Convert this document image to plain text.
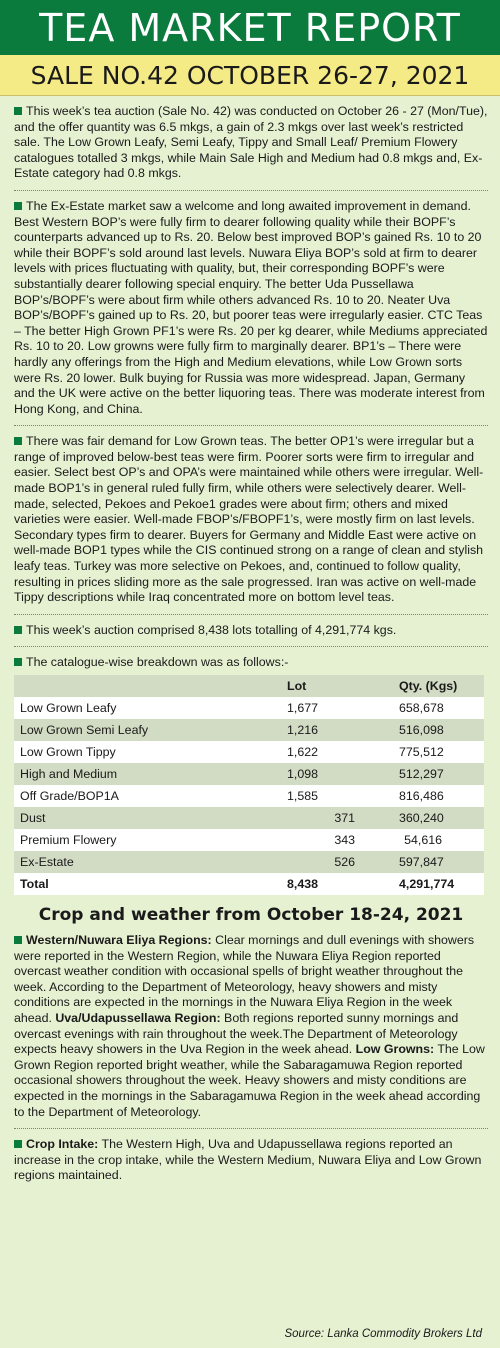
TEA MARKET REPORT
SALE NO.42 OCTOBER 26-27, 2021

This week’s tea auction (Sale No. 42) was conducted on October 26 - 27 (Mon/Tue), and the offer quantity was 6.5 mkgs, a gain of 2.3 mkgs over last week’s restricted sale. The Low Grown Leafy, Semi Leafy, Tippy and Small Leaf/ Premium Flowery catalogues totalled 3 mkgs, while Main Sale High and Medium had 0.8 mkgs and, Ex-Estate category had 0.8 mkgs.

The Ex-Estate market saw a welcome and long awaited improvement in demand. Best Western BOP’s were fully firm to dearer following quality while their BOPF’s counterparts advanced up to Rs. 20. Below best improved BOP’s gained Rs. 10 to 20 while their BOPF’s sold around last levels. Nuwara Eliya BOP’s sold at firm to dearer levels with prices fluctuating with quality, but, their corresponding BOPF’s were substantially dearer following special enquiry. The better Uda Pussellawa BOP’s/BOPF’s were about firm while others advanced Rs. 10 to 20. Neater Uva BOP’s/BOPF’s gained up to Rs. 20, but poorer teas were irregularly easier. CTC Teas – The better High Grown PF1’s were Rs. 20 per kg dearer, while Mediums appreciated Rs. 10 to 20. Low growns were fully firm to marginally dearer. BP1’s – There were hardly any offerings from the High and Medium elevations, while Low Grown sorts were Rs. 20 lower. Bulk buying for Russia was more widespread. Japan, Germany and the UK were active on the better liquoring teas. There was moderate interest from Hong Kong, and China.

There was fair demand for Low Grown teas. The better OP1’s were irregular but a range of improved below-best teas were firm. Poorer sorts were firm to irregular and easier. Select best OP’s and OPA’s were maintained while others were irregular. Well-made BOP1’s in general ruled fully firm, while others were selectively dearer. Well-made, selected, Pekoes and Pekoe1 grades were about firm; others and mixed varieties were easier. Well-made FBOP’s/FBOPF1’s, were mostly firm on last levels. Secondary types firm to dearer. Buyers for Germany and Middle East were active on well-made BOP1 types while the CIS continued strong on a range of clean and stylish leafy teas. Turkey was more selective on Pekoes, and, continued to follow quality, resulting in prices sliding more as the sale progressed. Iran was active on well-made Tippy descriptions while Iraq concentrated more on bottom level teas.

This week’s auction comprised 8,438 lots totalling of 4,291,774 kgs.

The catalogue-wise breakdown was as follows:-

	Lot	Qty. (Kgs)
Low Grown Leafy	1,677	658,678
Low Grown Semi Leafy	1,216	516,098
Low Grown Tippy	1,622	775,512
High and Medium	1,098	512,297
Off Grade/BOP1A	1,585	816,486
Dust	371	360,240
Premium Flowery	343	54,616
Ex-Estate	526	597,847
Total	8,438	4,291,774
Crop and weather from October 18-24, 2021

Western/Nuwara Eliya Regions: Clear mornings and dull evenings with showers were reported in the Western Region, while the Nuwara Eliya Region reported overcast weather condition with occasional spells of bright weather throughout the week. According to the Department of Meteorology, heavy showers and misty conditions are expected in the mornings in the Nuwara Eliya Region in the week ahead. Uva/Udapussellawa Region: Both regions reported sunny mornings and overcast evenings with rain throughout the week.The Department of Meteorology expects heavy showers in the Uva Region in the week ahead. Low Growns: The Low Grown Region reported bright weather, while the Sabaragamuwa Region reported occasional showers throughout the week. Heavy showers and misty conditions are expected in the mornings in the Sabaragamuwa Region in the week ahead according to the Department of Meteorology.

Crop Intake: The Western High, Uva and Udapussellawa regions reported an increase in the crop intake, while the Western Medium, Nuwara Eliya and Low Grown regions maintained.

Source: Lanka Commodity Brokers Ltd
